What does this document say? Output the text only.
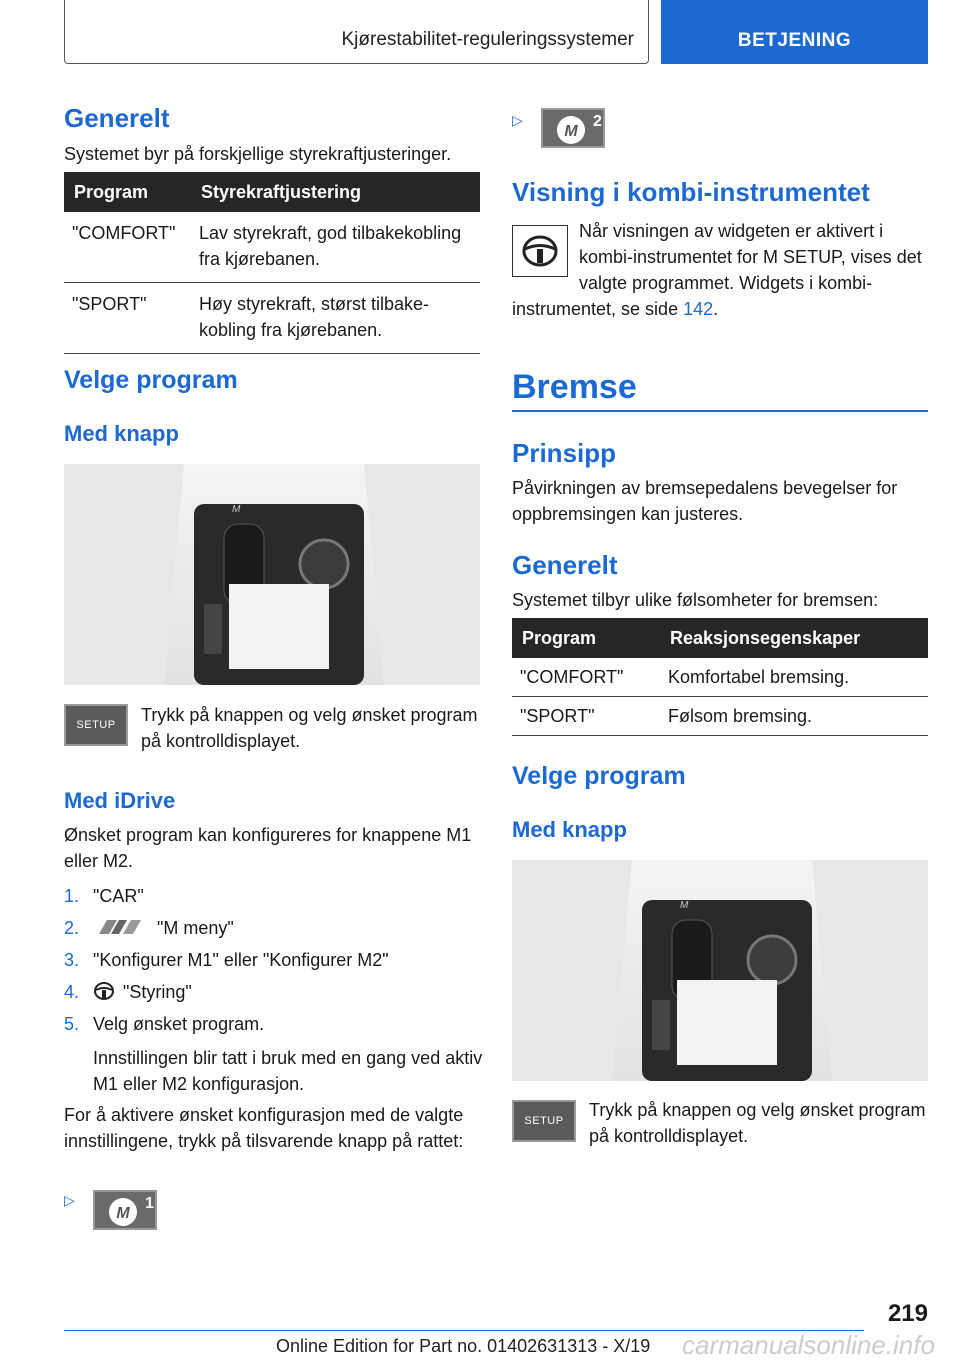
Kjørestabilitet-reguleringssystemer	BETJENING
Generelt
Systemet byr på forskjellige styrekraftjusteringer.
Program	Styrekraftjustering
"COMFORT"	Lav styrekraft, god tilbakekobling fra kjørebanen.
"SPORT"	Høy styrekraft, størst tilbakekobling fra kjørebanen.
Velge program
Med knapp
M
SETUP Trykk på knappen og velg ønsket program på kontrolldisplayet.
Med iDrive
Ønsket program kan konfigureres for knappene M1 eller M2.
1. "CAR"
2.	"M meny"
3. "Konfigurer M1" eller "Konfigurer M2"
4. "Styring"
5. Velg ønsket program.
Innstillingen blir tatt i bruk med en gang ved aktiv M1 eller M2 konfigurasjon.
For å aktivere ønsket konfigurasjon med de valgte innstillingene, trykk på tilsvarende knapp på rattet:
▷
M
1
▷
M
2
Visning i kombi-instrumentet
Når visningen av widgeten er aktivert i kombi-instrumentet for M SETUP, vises det valgte programmet. Widgets i kombi-
instrumentet, se side 142.
Bremse
Prinsipp
Påvirkningen av bremsepedalens bevegelser for oppbremsingen kan justeres.
Generelt
Systemet tilbyr ulike følsomheter for bremsen:
Program	Reaksjonsegenskaper
"COMFORT"	Komfortabel bremsing.
"SPORT"	Følsom bremsing.
Velge program
Med knapp
M
SETUP
Trykk på knappen og velg ønsket program på kontrolldisplayet.
219
Online Edition for Part no. 01402631313 - X/19 carmanualsonline.info
